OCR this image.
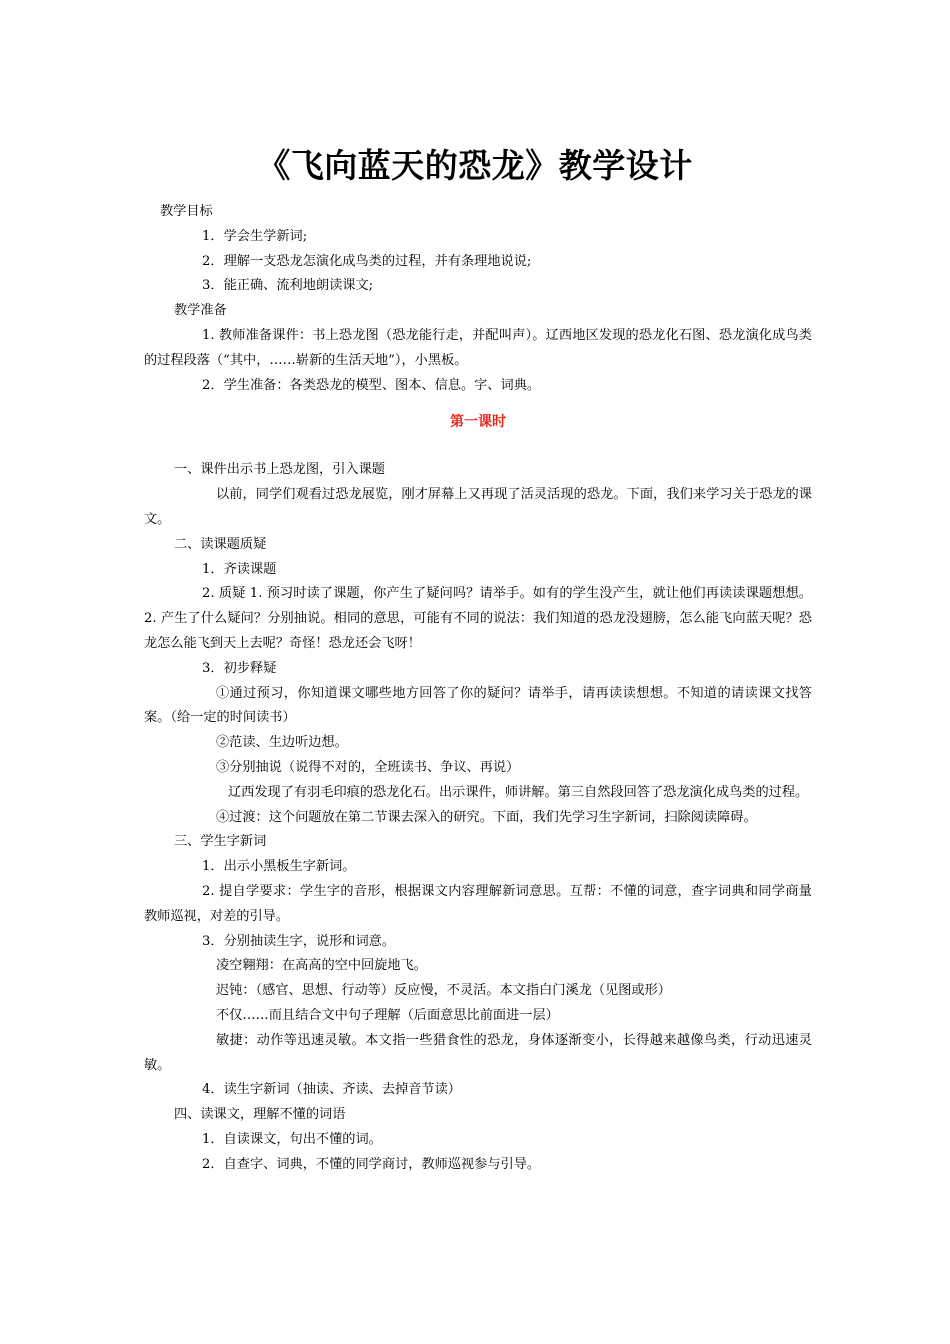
《飞向蓝天的恐龙》教学设计

教学目标

1．学会生学新词;

2．理解一支恐龙怎演化成鸟类的过程，并有条理地说说;

3．能正确、流利地朗读课文;

教学准备

1. 教师准备课件：书上恐龙图（恐龙能行走，并配叫声）。辽西地区发现的恐龙化石图、恐龙演化成鸟类的过程段落（“其中，……崭新的生活天地”），小黑板。

2．学生准备：各类恐龙的模型、图本、信息。字、词典。

第一课时

一、课件出示书上恐龙图，引入课题

以前，同学们观看过恐龙展览，刚才屏幕上又再现了活灵活现的恐龙。下面，我们来学习关于恐龙的课文。

二、读课题质疑

1．齐读课题

2. 质疑 1. 预习时读了课题，你产生了疑问吗？请举手。如有的学生没产生，就让他们再读读课题想想。2. 产生了什么疑问？分别抽说。相同的意思，可能有不同的说法：我们知道的恐龙没翅膀，怎么能飞向蓝天呢？恐龙怎么能飞到天上去呢？奇怪！恐龙还会飞呀！

3．初步释疑

①通过预习，你知道课文哪些地方回答了你的疑问？请举手，请再读读想想。不知道的请读课文找答案。（给一定的时间读书）

②范读、生边听边想。

③分别抽说（说得不对的，全班读书、争议、再说）

辽西发现了有羽毛印痕的恐龙化石。出示课件，师讲解。第三自然段回答了恐龙演化成鸟类的过程。

④过渡：这个问题放在第二节课去深入的研究。下面，我们先学习生字新词，扫除阅读障碍。

三、学生字新词

1．出示小黑板生字新词。

2. 提自学要求：学生字的音形，根据课文内容理解新词意思。互帮：不懂的词意，查字词典和同学商量教师巡视，对差的引导。

3．分别抽读生字，说形和词意。

凌空翱翔：在高高的空中回旋地飞。

迟钝：（感官、思想、行动等）反应慢，不灵活。本文指白门溪龙（见图或形）

不仅……而且结合文中句子理解（后面意思比前面进一层）

敏捷：动作等迅速灵敏。本文指一些猎食性的恐龙，身体逐渐变小，长得越来越像鸟类，行动迅速灵敏。

4．读生字新词（抽读、齐读、去掉音节读）

四、读课文，理解不懂的词语

1．自读课文，句出不懂的词。

2．自查字、词典，不懂的同学商讨，教师巡视参与引导。
